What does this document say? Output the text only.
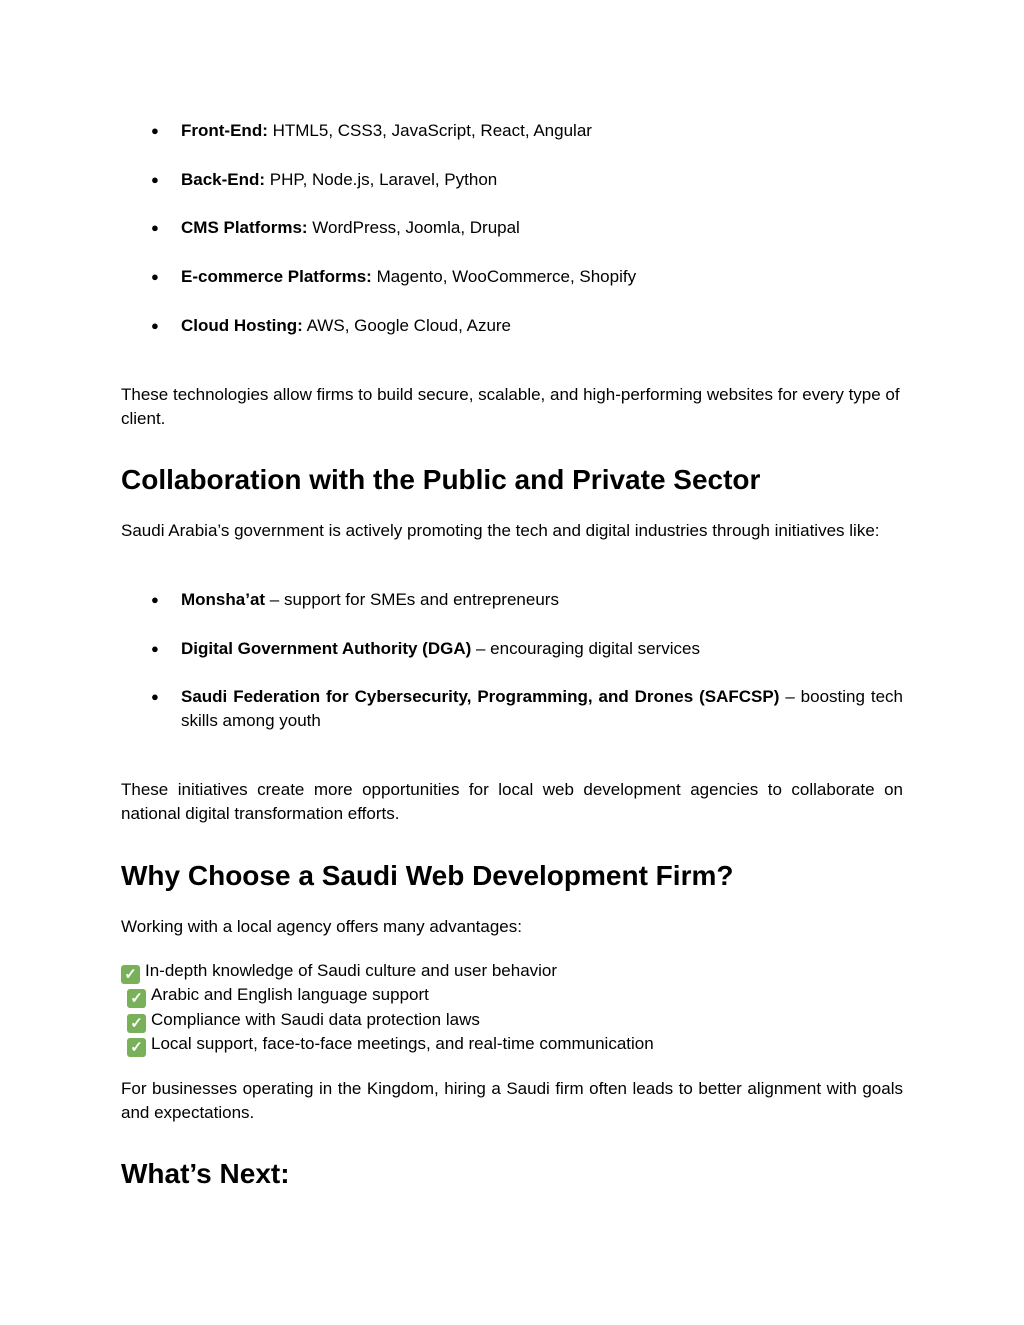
● Front-End: HTML5, CSS3, JavaScript, React, Angular
● Back-End: PHP, Node.js, Laravel, Python
● CMS Platforms: WordPress, Joomla, Drupal
● E-commerce Platforms: Magento, WooCommerce, Shopify
● Cloud Hosting: AWS, Google Cloud, Azure
These technologies allow firms to build secure, scalable, and high-performing websites for every type of client.
Collaboration with the Public and Private Sector
Saudi Arabia’s government is actively promoting the tech and digital industries through initiatives like:
● Monsha’at – support for SMEs and entrepreneurs
● Digital Government Authority (DGA) – encouraging digital services
● Saudi Federation for Cybersecurity, Programming, and Drones (SAFCSP) – boosting tech skills among youth
These initiatives create more opportunities for local web development agencies to collaborate on national digital transformation efforts.
Why Choose a Saudi Web Development Firm?
Working with a local agency offers many advantages:
✓ In-depth knowledge of Saudi culture and user behavior
✓ Arabic and English language support
✓ Compliance with Saudi data protection laws
✓ Local support, face-to-face meetings, and real-time communication
For businesses operating in the Kingdom, hiring a Saudi firm often leads to better alignment with goals and expectations.
What’s Next:
